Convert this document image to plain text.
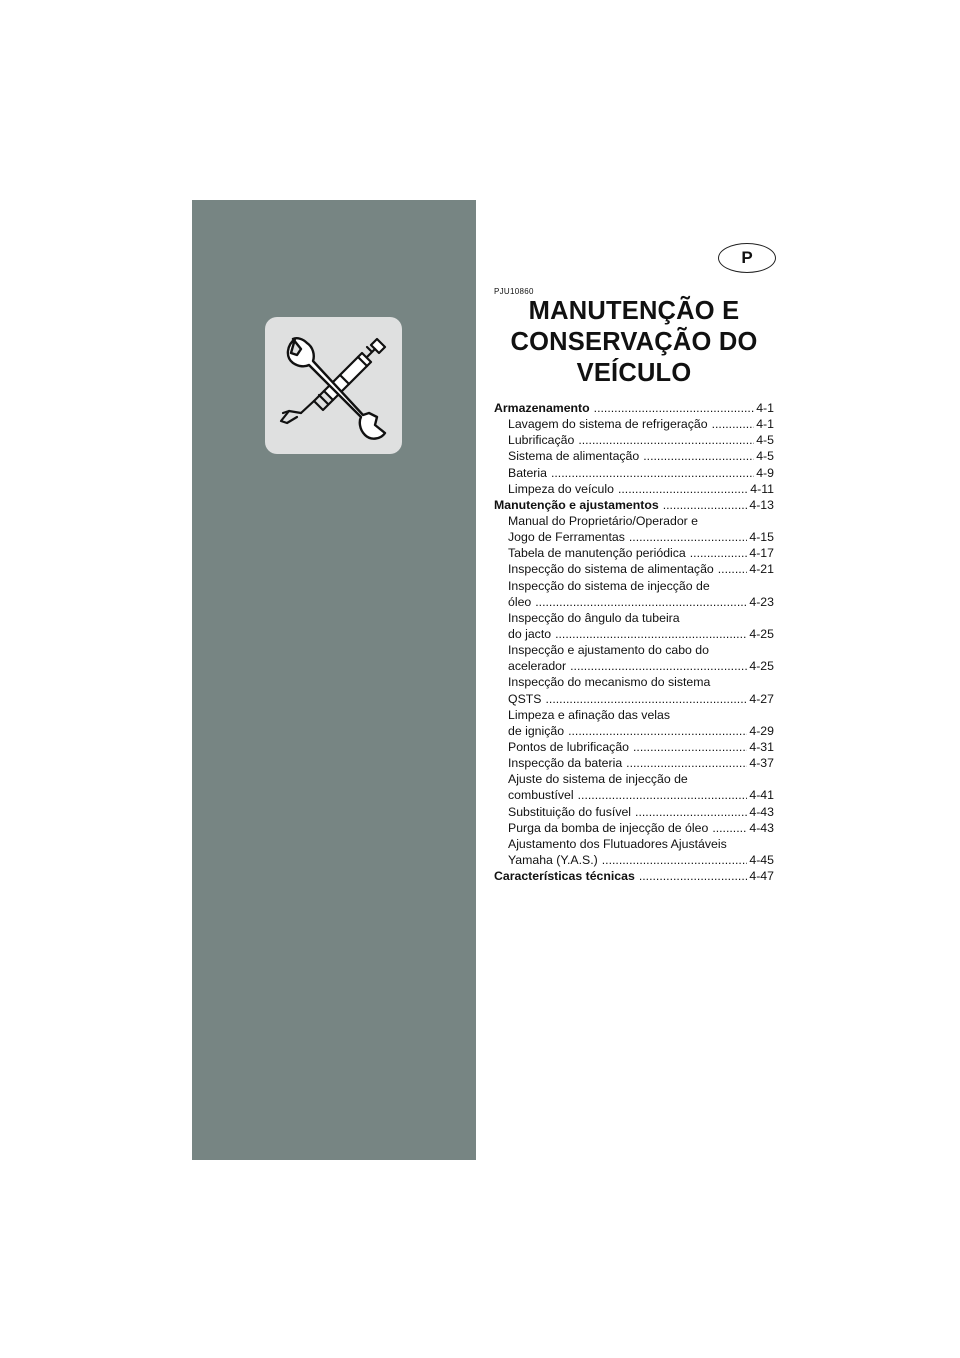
P
PJU10860
MANUTENÇÃO E
CONSERVAÇÃO DO
VEÍCULO
Armazenamento .....	4-1
Lavagem do sistema de refrigeração .....	4-1
Lubrificação .....	4-5
Sistema de alimentação .....	4-5
Bateria .....	4-9
Limpeza do veículo .....	4-11
Manutenção e ajustamentos .....	4-13
Manual do Proprietário/Operador e
Jogo de Ferramentas .....	4-15
Tabela de manutenção periódica .....	4-17
Inspecção do sistema de alimentação .....	4-21
Inspecção do sistema de injecção de
óleo .....	4-23
Inspecção do ângulo da tubeira
do jacto .....	4-25
Inspecção e ajustamento do cabo do
acelerador .....	4-25
Inspecção do mecanismo do sistema
QSTS .....	4-27
Limpeza e afinação das velas
de ignição .....	4-29
Pontos de lubrificação .....	4-31
Inspecção da bateria .....	4-37
Ajuste do sistema de injecção de
combustível .....	4-41
Substituição do fusível .....	4-43
Purga da bomba de injecção de óleo .....	4-43
Ajustamento dos Flutuadores Ajustáveis
Yamaha (Y.A.S.) .....	4-45
Características técnicas .....	4-47
